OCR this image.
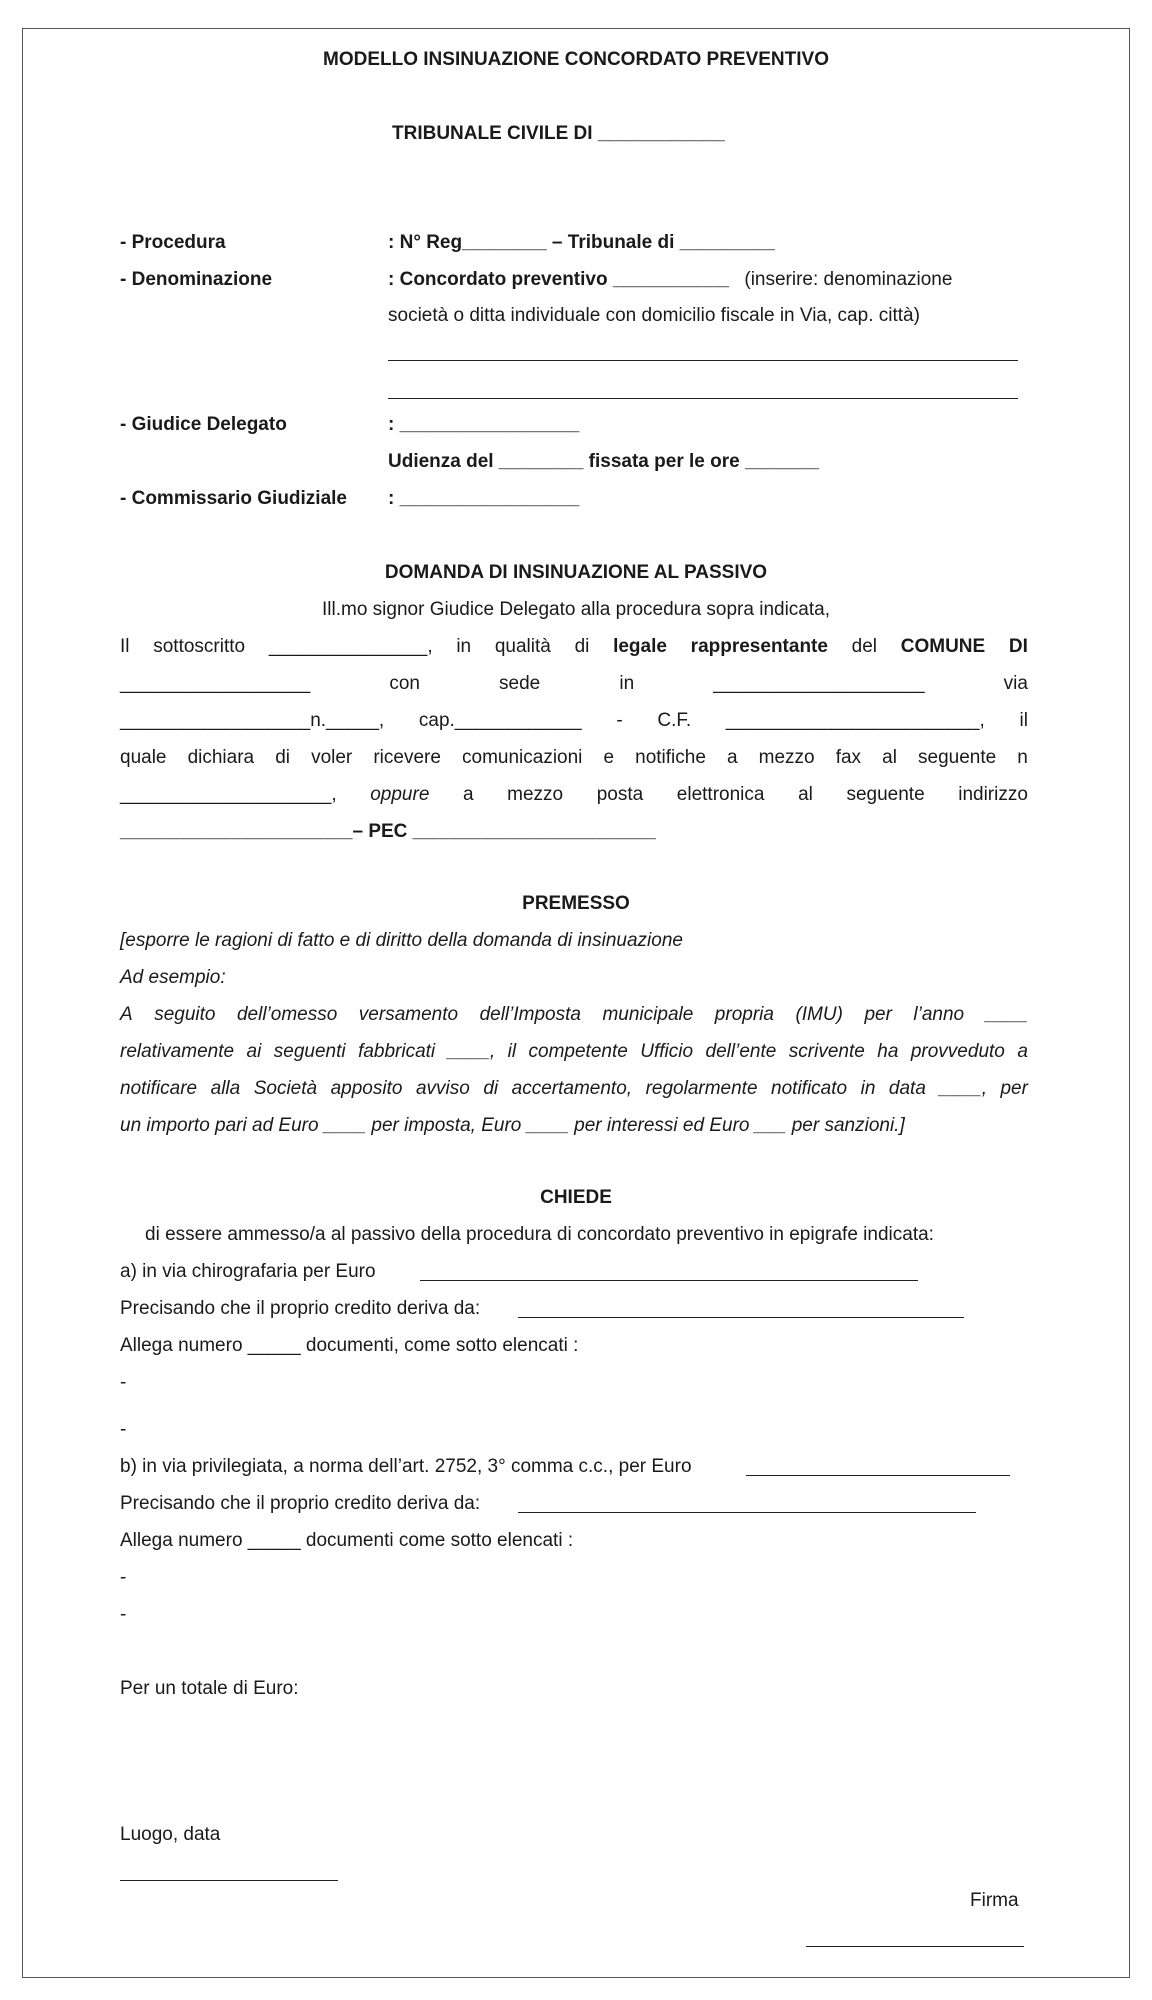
MODELLO INSINUAZIONE CONCORDATO PREVENTIVO
TRIBUNALE CIVILE DI ____________
- Procedura	: N° Reg________ – Tribunale di _________
- Denominazione	: Concordato preventivo ___________ (inserire: denominazione
società o ditta individuale con domicilio fiscale in Via, cap. città)
- Giudice Delegato	: _________________
Udienza del ________ fissata per le ore _______
- Commissario Giudiziale : _________________
DOMANDA DI INSINUAZIONE AL PASSIVO
Ill.mo signor Giudice Delegato alla procedura sopra indicata,
Il sottoscritto _______________, in qualità di legale rappresentante del COMUNE DI
__________________	con	sede	in	____________________	via
__________________n._____, cap.____________ - C.F. ________________________, il
quale dichiara di voler ricevere comunicazioni e notifiche a mezzo fax al seguente n
____________________, oppure a mezzo posta elettronica al seguente indirizzo
______________________– PEC _______________________
PREMESSO
[esporre le ragioni di fatto e di diritto della domanda di insinuazione
Ad esempio:
A seguito dell’omesso versamento dell’Imposta municipale propria (IMU) per l’anno ____
relativamente ai seguenti fabbricati ____, il competente Ufficio dell’ente scrivente ha provveduto a
notificare alla Società apposito avviso di accertamento, regolarmente notificato in data ____, per
un importo pari ad Euro ____ per imposta, Euro ____ per interessi ed Euro ___ per sanzioni.]
CHIEDE
di essere ammesso/a al passivo della procedura di concordato preventivo in epigrafe indicata:
a) in via chirografaria per Euro
Precisando che il proprio credito deriva da:
Allega numero _____ documenti, come sotto elencati :
-
-
b) in via privilegiata, a norma dell’art. 2752, 3° comma c.c., per Euro
Precisando che il proprio credito deriva da:
Allega numero _____ documenti come sotto elencati :
-
-
Per un totale di Euro:
Luogo, data
Firma
